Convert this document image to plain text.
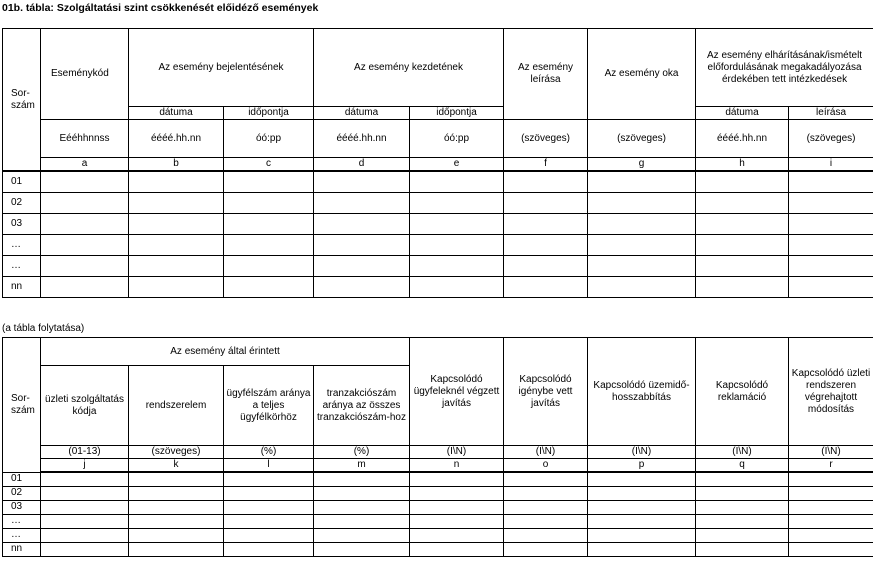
01b. tábla: Szolgáltatási szint csökkenését előidéző események
Sor-
szám	Eseménykód	Az esemény bejelentésének		Az esemény kezdetének		Az esemény leírása	Az esemény oka	Az esemény elhárításának/ismételt előfordulásának megakadályozása érdekében tett intézkedések	
		dátuma	időpontja	dátuma	időpontja			dátuma	leírása
	Eééhhnnss	éééé.hh.nn	óó:pp	éééé.hh.nn	óó:pp	(szöveges)	(szöveges)	éééé.hh.nn	(szöveges)
	a	b	c	d	e	f	g	h	i
01									
02									
03									
…									
…									
nn									
(a tábla folytatása)
Sor-
szám	Az esemény által érintett				Kapcsolódó ügyfeleknél végzett javítás	Kapcsolódó igénybe vett javítás	Kapcsolódó üzemidő-hosszabbítás	Kapcsolódó reklamáció	Kapcsolódó üzleti rendszeren végrehajtott módosítás
	üzleti szolgáltatás kódja	rendszerelem	ügyfélszám aránya a teljes ügyfélkörhöz	tranzakciószám aránya az összes tranzakciószám-hoz					
	(01-13)	(szöveges)	(%)	(%)	(I\N)	(I\N)	(I\N)	(I\N)	(I\N)
	j	k	l	m	n	o	p	q	r
01									
02									
03									
…									
…									
nn									
